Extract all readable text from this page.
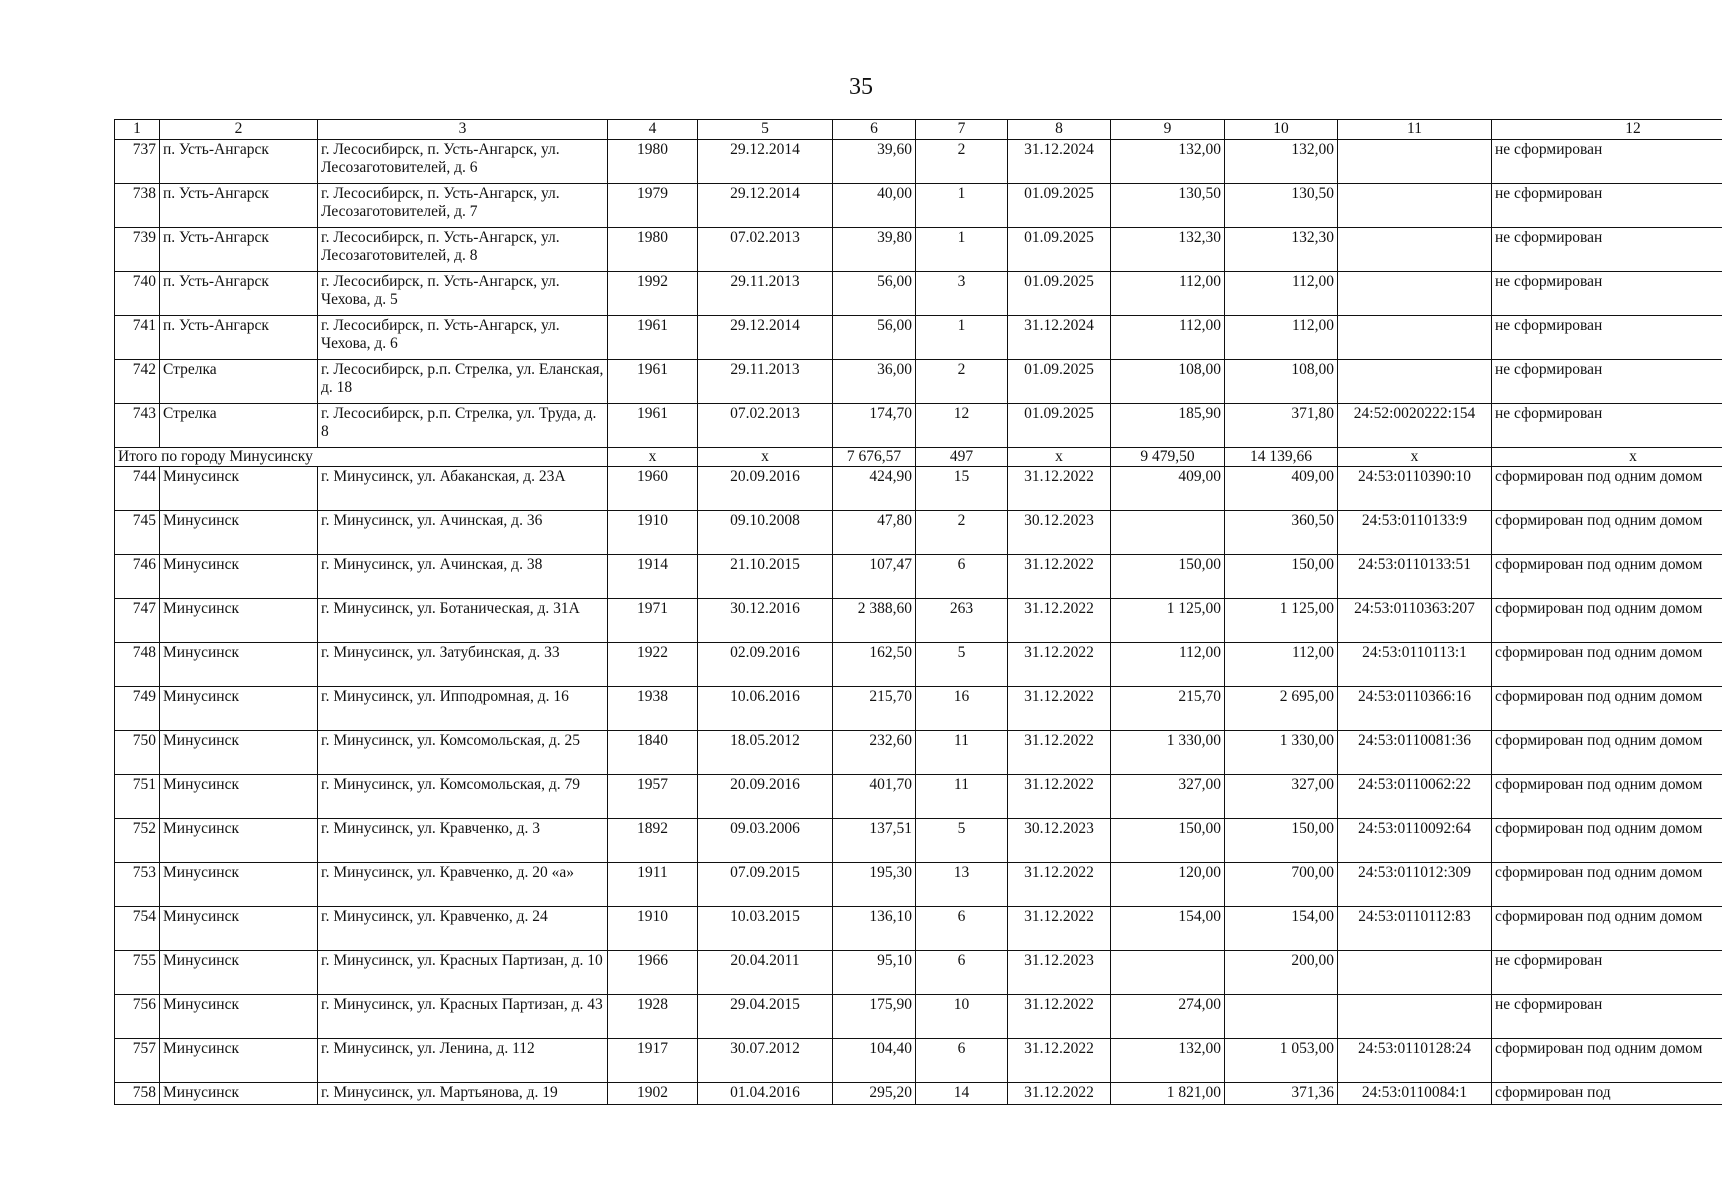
35
1	2	3	4	5	6	7	8	9	10	11	12
737	п. Усть-Ангарск	г. Лесосибирск, п. Усть-Ангарск, ул. Лесозаготовителей, д. 6	1980	29.12.2014	39,60	2	31.12.2024	132,00	132,00		не сформирован
738	п. Усть-Ангарск	г. Лесосибирск, п. Усть-Ангарск, ул. Лесозаготовителей, д. 7	1979	29.12.2014	40,00	1	01.09.2025	130,50	130,50		не сформирован
739	п. Усть-Ангарск	г. Лесосибирск, п. Усть-Ангарск, ул. Лесозаготовителей, д. 8	1980	07.02.2013	39,80	1	01.09.2025	132,30	132,30		не сформирован
740	п. Усть-Ангарск	г. Лесосибирск, п. Усть-Ангарск, ул. Чехова, д. 5	1992	29.11.2013	56,00	3	01.09.2025	112,00	112,00		не сформирован
741	п. Усть-Ангарск	г. Лесосибирск, п. Усть-Ангарск, ул. Чехова, д. 6	1961	29.12.2014	56,00	1	31.12.2024	112,00	112,00		не сформирован
742	Стрелка	г. Лесосибирск, р.п. Стрелка, ул. Еланская, д. 18	1961	29.11.2013	36,00	2	01.09.2025	108,00	108,00		не сформирован
743	Стрелка	г. Лесосибирск, р.п. Стрелка, ул. Труда, д. 8	1961	07.02.2013	174,70	12	01.09.2025	185,90	371,80	24:52:0020222:154	не сформирован
Итого по городу Минусинску			х	х	7 676,57	497	х	9 479,50	14 139,66	х	х
744	Минусинск	г. Минусинск, ул. Абаканская, д. 23А	1960	20.09.2016	424,90	15	31.12.2022	409,00	409,00	24:53:0110390:10	сформирован под одним домом
745	Минусинск	г. Минусинск, ул. Ачинская, д. 36	1910	09.10.2008	47,80	2	30.12.2023		360,50	24:53:0110133:9	сформирован под одним домом
746	Минусинск	г. Минусинск, ул. Ачинская, д. 38	1914	21.10.2015	107,47	6	31.12.2022	150,00	150,00	24:53:0110133:51	сформирован под одним домом
747	Минусинск	г. Минусинск, ул. Ботаническая, д. 31А	1971	30.12.2016	2 388,60	263	31.12.2022	1 125,00	1 125,00	24:53:0110363:207	сформирован под одним домом
748	Минусинск	г. Минусинск, ул. Затубинская, д. 33	1922	02.09.2016	162,50	5	31.12.2022	112,00	112,00	24:53:0110113:1	сформирован под одним домом
749	Минусинск	г. Минусинск, ул. Ипподромная, д. 16	1938	10.06.2016	215,70	16	31.12.2022	215,70	2 695,00	24:53:0110366:16	сформирован под одним домом
750	Минусинск	г. Минусинск, ул. Комсомольская, д. 25	1840	18.05.2012	232,60	11	31.12.2022	1 330,00	1 330,00	24:53:0110081:36	сформирован под одним домом
751	Минусинск	г. Минусинск, ул. Комсомольская, д. 79	1957	20.09.2016	401,70	11	31.12.2022	327,00	327,00	24:53:0110062:22	сформирован под одним домом
752	Минусинск	г. Минусинск, ул. Кравченко, д. 3	1892	09.03.2006	137,51	5	30.12.2023	150,00	150,00	24:53:0110092:64	сформирован под одним домом
753	Минусинск	г. Минусинск, ул. Кравченко, д. 20 «а»	1911	07.09.2015	195,30	13	31.12.2022	120,00	700,00	24:53:011012:309	сформирован под одним домом
754	Минусинск	г. Минусинск, ул. Кравченко, д. 24	1910	10.03.2015	136,10	6	31.12.2022	154,00	154,00	24:53:0110112:83	сформирован под одним домом
755	Минусинск	г. Минусинск, ул. Красных Партизан, д. 10	1966	20.04.2011	95,10	6	31.12.2023		200,00		не сформирован
756	Минусинск	г. Минусинск, ул. Красных Партизан, д. 43	1928	29.04.2015	175,90	10	31.12.2022	274,00			не сформирован
757	Минусинск	г. Минусинск, ул. Ленина, д. 112	1917	30.07.2012	104,40	6	31.12.2022	132,00	1 053,00	24:53:0110128:24	сформирован под одним домом
758	Минусинск	г. Минусинск, ул. Мартьянова, д. 19	1902	01.04.2016	295,20	14	31.12.2022	1 821,00	371,36	24:53:0110084:1	сформирован под
